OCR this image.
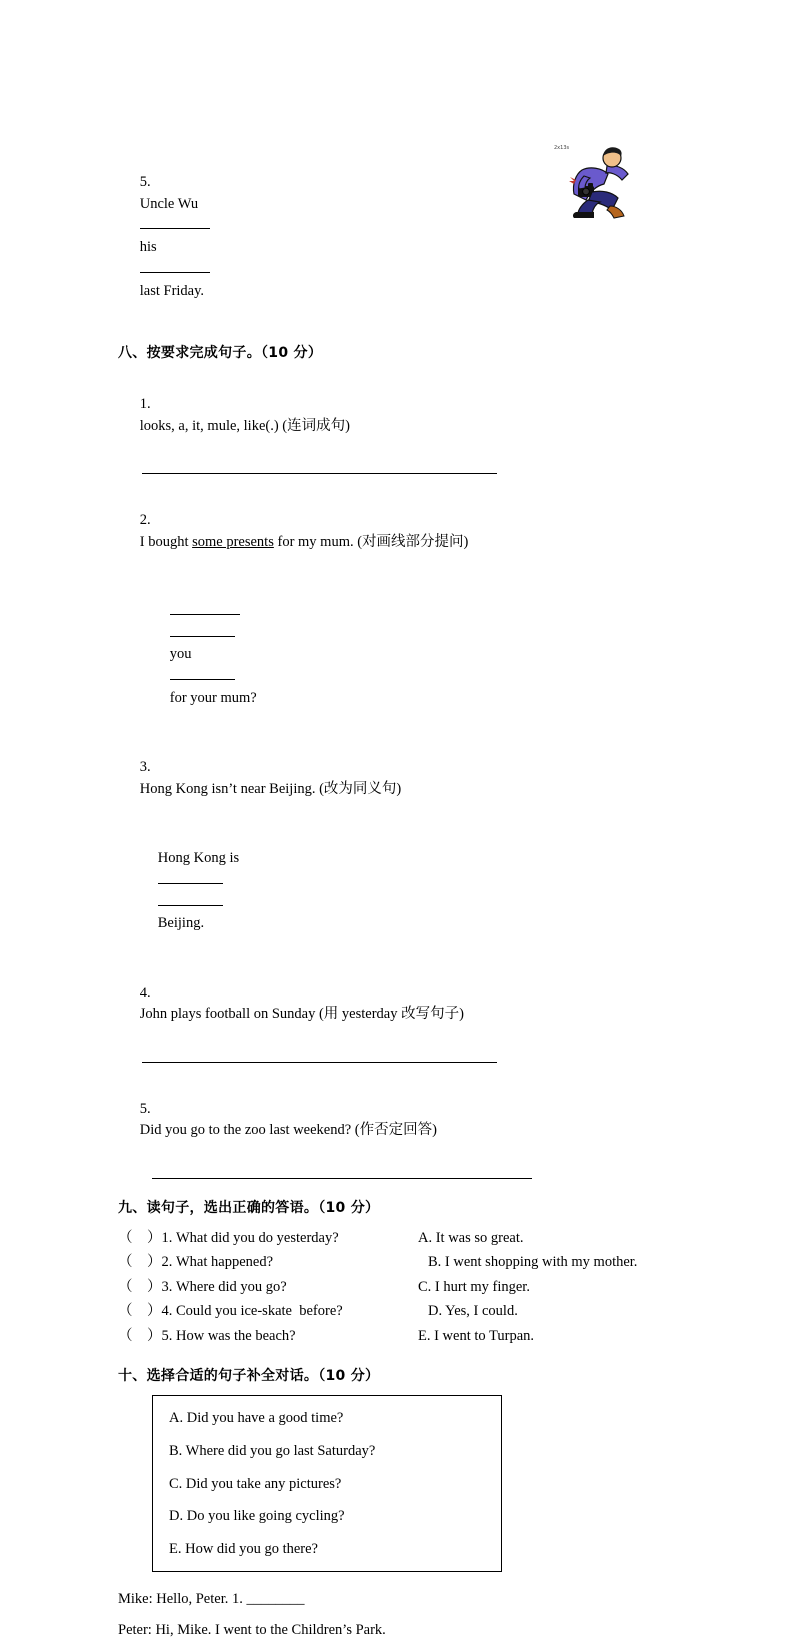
2x13s

5.
Uncle Wu

his

last Friday.

八、按要求完成句子。（10 分）

1.
looks, a, it, mule, like(.) (连词成句)

2.
I bought some presents for my mum. (对画线部分提问)

you

for your mum?

3.
Hong Kong isn’t near Beijing. (改为同义句)

Hong Kong is

Beijing.

4.
John plays football on Sunday (用 yesterday 改写句子)

5.
Did you go to the zoo last weekend? (作否定回答)

九、读句子，选出正确的答语。（10 分）

（    ）1. What did you do yesterday?	A. It was so great.
（    ）2. What happened?	B. I went shopping with my mother.
（    ）3. Where did you go?	C. I hurt my finger.
（    ）4. Could you ice-skate  before?	D. Yes, I could.
（    ）5. How was the beach?	E. I went to Turpan.

十、选择合适的句子补全对话。（10 分）

A. Did you have a good time?

B. Where did you go last Saturday?

C. Did you take any pictures?

D. Do you like going cycling?

E. How did you go there?

Mike: Hello, Peter. 1. ________

Peter: Hi, Mike. I went to the Children’s Park.
